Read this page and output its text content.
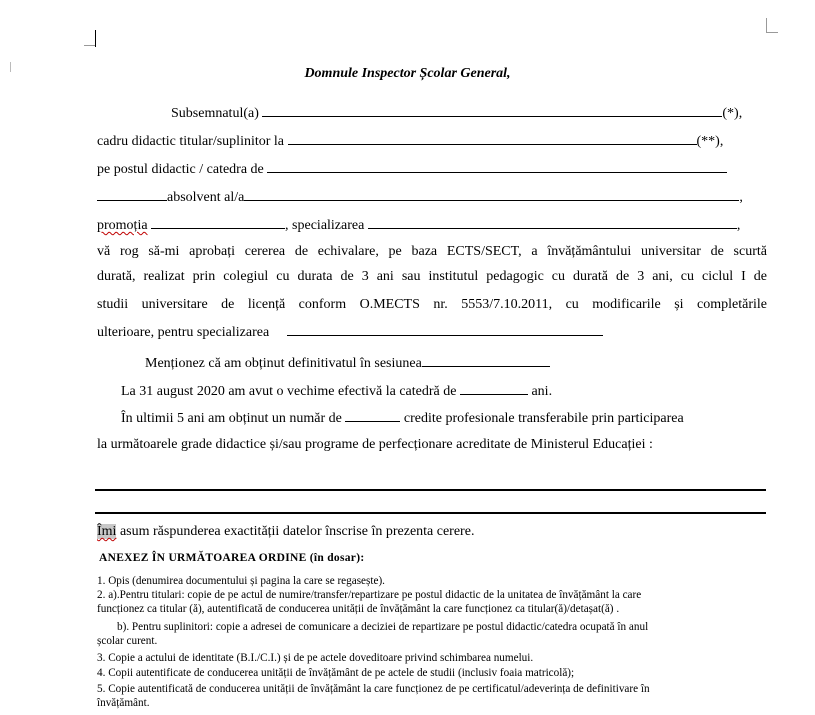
Domnule Inspector Școlar General,
Subsemnatul(a)	(*),
cadru didactic titular/suplinitor la	(**),
pe postul didactic / catedra de
absolvent al/a	,
promoția	, specializarea	,
vă rog să-mi aprobați cererea de echivalare, pe baza ECTS/SECT, a învățământului universitar de scurtă
durată, realizat prin colegiul cu durata de 3 ani sau institutul pedagogic cu durată de 3 ani, cu ciclul I de
studii universitare de licență conform O.MECTS nr. 5553/7.10.2011, cu modificarile și completările
ulterioare, pentru specializarea
Menționez că am obținut definitivatul în sesiunea
La 31 august 2020 am avut o vechime efectivă la catedră de	ani.
În ultimii 5 ani am obținut un număr de	credite profesionale transferabile prin participarea
la următoarele grade didactice și/sau programe de perfecționare acreditate de Ministerul Educației :
Îmi asum răspunderea exactității datelor înscrise în prezenta cerere.
ANEXEZ ÎN URMĂTOAREA ORDINE (în dosar):
1. Opis (denumirea documentului și pagina la care se regasește).
2. a).Pentru titulari: copie de pe actul de numire/transfer/repartizare pe postul didactic de la unitatea de învățământ la care
funcționez ca titular (ă), autentificată de conducerea unității de învățământ la care funcționez ca titular(ă)/detașat(ă) .
b). Pentru suplinitori: copie a adresei de comunicare a deciziei de repartizare pe postul didactic/catedra ocupată în anul
școlar curent.
3. Copie a actului de identitate (B.I./C.I.) și de pe actele doveditoare privind schimbarea numelui.
4. Copii autentificate de conducerea unității de învățământ de pe actele de studii (inclusiv foaia matricolă);
5. Copie autentificată de conducerea unității de învățământ la care funcționez de pe certificatul/adeverința de definitivare în
învățământ.
